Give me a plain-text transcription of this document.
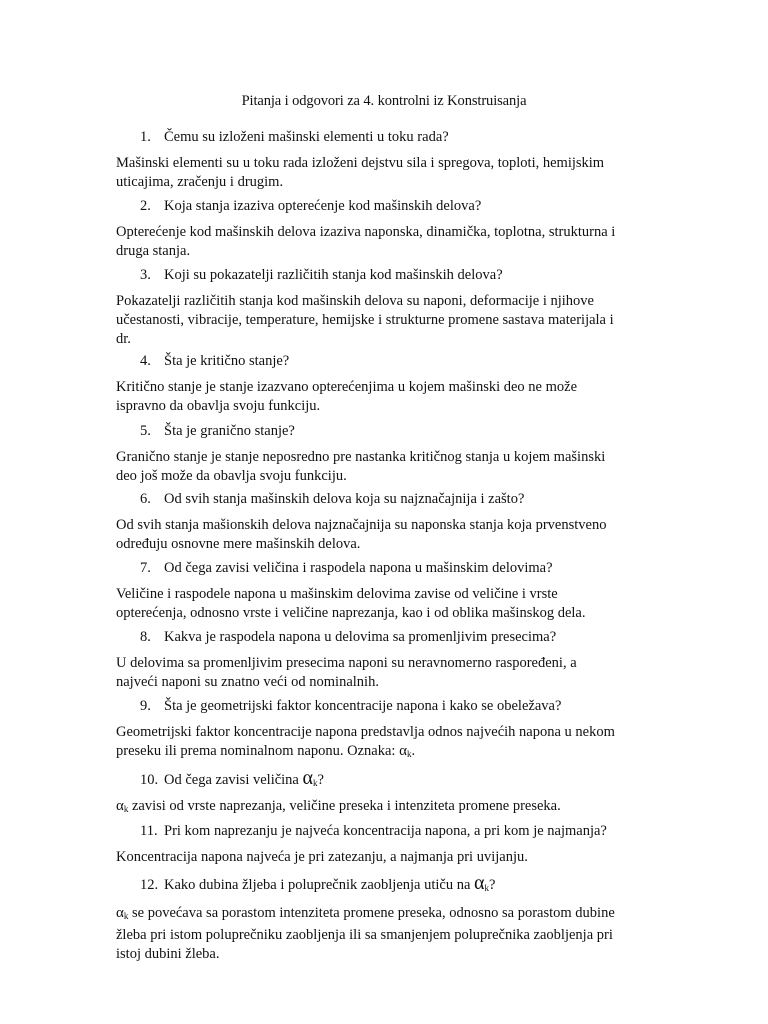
Pitanja i odgovori za 4. kontrolni iz Konstruisanja
1. Čemu su izloženi mašinski elementi u toku rada?
Mašinski elementi su u toku rada izloženi dejstvu sila i spregova, toploti, hemijskim
uticajima, zračenju i drugim.
2. Koja stanja izaziva opterećenje kod mašinskih delova?
Opterećenje kod mašinskih delova izaziva naponska, dinamička, toplotna, strukturna i
druga stanja.
3. Koji su pokazatelji različitih stanja kod mašinskih delova?
Pokazatelji različitih stanja kod mašinskih delova su naponi, deformacije i njihove
učestanosti, vibracije, temperature, hemijske i strukturne promene sastava materijala i
dr.
4. Šta je kritično stanje?
Kritično stanje je stanje izazvano opterećenjima u kojem mašinski deo ne može
ispravno da obavlja svoju funkciju.
5. Šta je granično stanje?
Granično stanje je stanje neposredno pre nastanka kritičnog stanja u kojem mašinski
deo još može da obavlja svoju funkciju.
6. Od svih stanja mašinskih delova koja su najznačajnija i zašto?
Od svih stanja mašionskih delova najznačajnija su naponska stanja koja prvenstveno
određuju osnovne mere mašinskih delova.
7. Od čega zavisi veličina i raspodela napona u mašinskim delovima?
Veličine i raspodele napona u mašinskim delovima zavise od veličine i vrste
opterećenja, odnosno vrste i veličine naprezanja, kao i od oblika mašinskog dela.
8. Kakva je raspodela napona u delovima sa promenljivim presecima?
U delovima sa promenljivim presecima naponi su neravnomerno raspoređeni, a
najveći naponi su znatno veći od nominalnih.
9. Šta je geometrijski faktor koncentracije napona i kako se obeležava?
Geometrijski faktor koncentracije napona predstavlja odnos najvećih napona u nekom
preseku ili prema nominalnom naponu. Oznaka: $\alpha_k$.
10. Od čega zavisi veličina $\alpha_k$?
$\alpha_k$ zavisi od vrste naprezanja, veličine preseka i intenziteta promene preseka.
11. Pri kom naprezanju je najveća koncentracija napona, a pri kom je najmanja?
Koncentracija napona najveća je pri zatezanju, a najmanja pri uvijanju.
12. Kako dubina žljeba i poluprečnik zaobljenja utiču na $\alpha_k$?
$\alpha_k$ se povećava sa porastom intenziteta promene preseka, odnosno sa porastom dubine
žleba pri istom poluprečniku zaobljenja ili sa smanjenjem poluprečnika zaobljenja pri
istoj dubini žleba.
